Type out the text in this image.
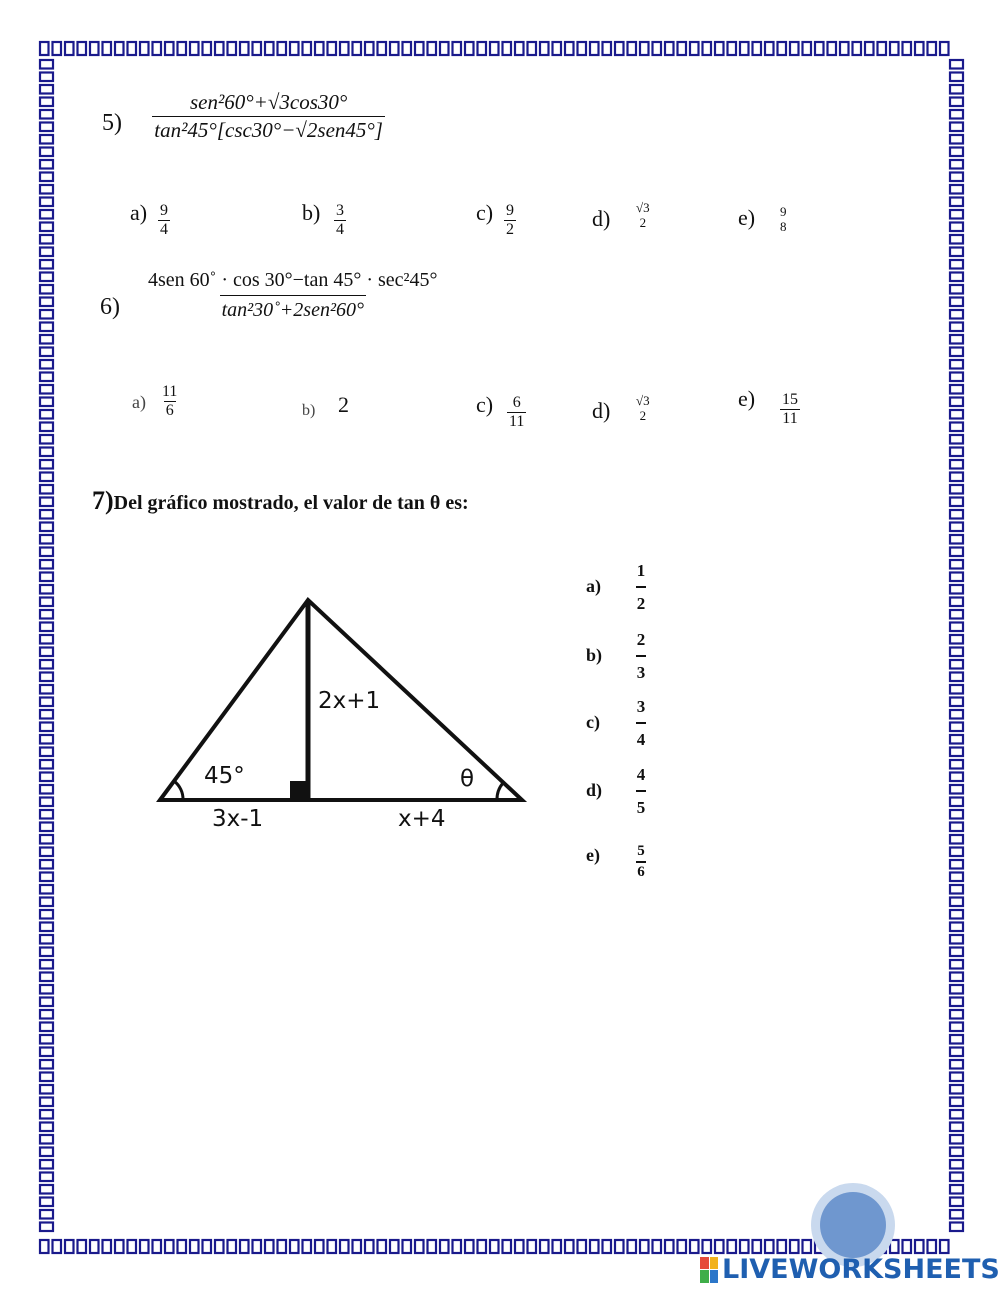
5)
sen²60°+√3cos30°
tan²45°[csc30°−√2sen45°]
$a) \frac{9}{4}$	$b) \frac{3}{4}$	$c) \frac{9}{2}$	d) √3
2	e) 9
8
6)
4sen 60˚ · cos 30°−tan 45° · sec²45°
tan²30˚+2sen²60°
$a) \frac{11}{6}$	b) 2	$c) \frac{6}{11}$	d) √3
2
$e) \frac{15}{11}$
7)Del gráfico mostrado, el valor de tan θ es:
2x+1
45°	θ
3x-1	x+4
a)
1
2
b)
2
3
c)
3
4
d)
4
5
e) 5
6
LIVEWORKSHEETS
